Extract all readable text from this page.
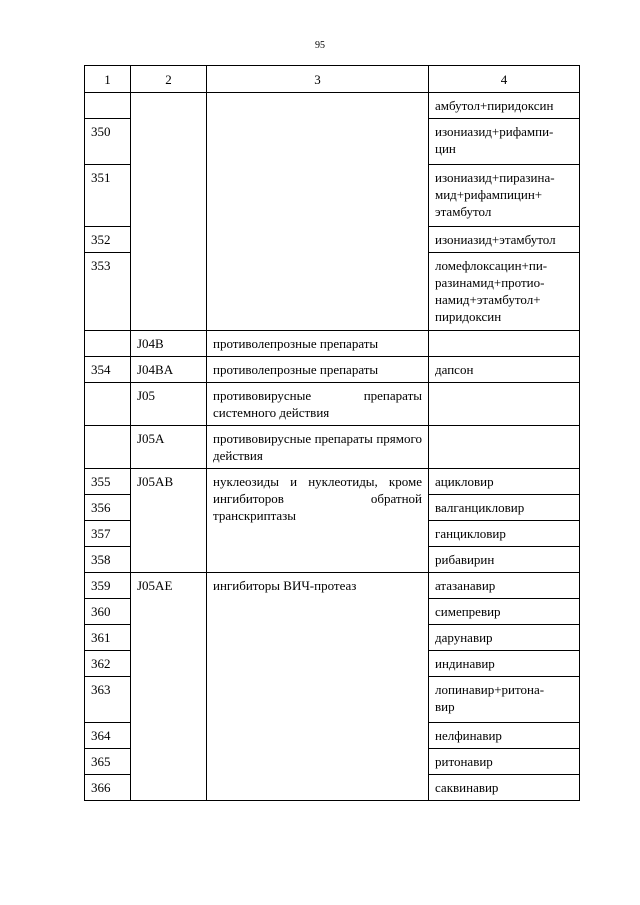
95
1	2	3	4
			амбутол+пиридоксин
350			изониазид+рифампи-
цин
351			изониазид+пиразина-
мид+рифампицин+
этамбутол
352			изониазид+этамбутол
353			ломефлоксацин+пи-
разинамид+протио-
намид+этамбутол+
пиридоксин
	J04B	противолепрозные препараты	
354	J04BA	противолепрозные препараты	дапсон
	J05	противовирусные препараты системного действия	
	J05A	противовирусные препараты прямого действия	
355	J05AB	нуклеозиды и нуклеотиды, кроме ингибиторов обратной транскриптазы	ацикловир
356			валганцикловир
357			ганцикловир
358			рибавирин
359	J05AE	ингибиторы ВИЧ-протеаз	атазанавир
360			симепревир
361			дарунавир
362			индинавир
363			лопинавир+ритона-
вир
364			нелфинавир
365			ритонавир
366			саквинавир
